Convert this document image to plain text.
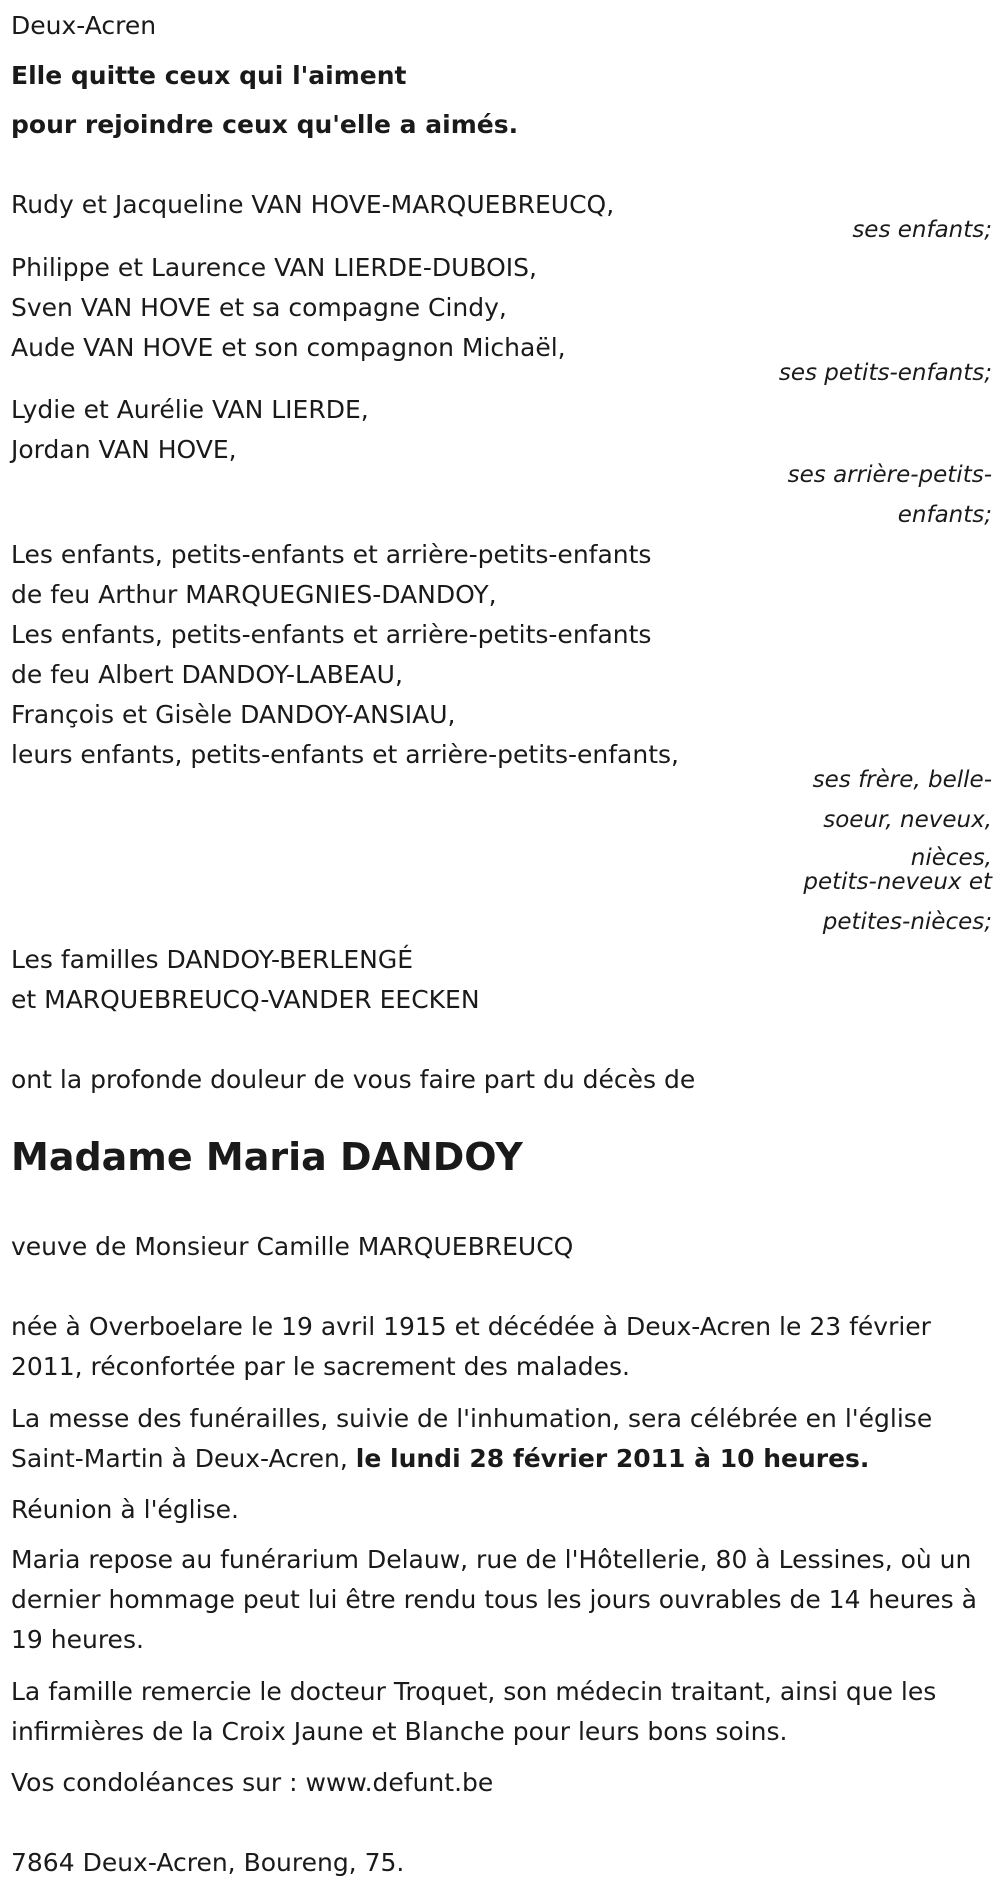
Deux-Acren

Elle quitte ceux qui l'aiment

pour rejoindre ceux qu'elle a aimés.

Rudy et Jacqueline VAN HOVE-MARQUEBREUCQ,

ses enfants;

Philippe et Laurence VAN LIERDE-DUBOIS,

Sven VAN HOVE et sa compagne Cindy,

Aude VAN HOVE et son compagnon Michaël,

ses petits-enfants;

Lydie et Aurélie VAN LIERDE,

Jordan VAN HOVE,

ses arrière-petits-
enfants;

Les enfants, petits-enfants et arrière-petits-enfants

de feu Arthur MARQUEGNIES-DANDOY,

Les enfants, petits-enfants et arrière-petits-enfants

de feu Albert DANDOY-LABEAU,

François et Gisèle DANDOY-ANSIAU,

leurs enfants, petits-enfants et arrière-petits-enfants,

ses frère, belle-
soeur, neveux,
nièces,
petits-neveux et
petites-nièces;

Les familles DANDOY-BERLENGÉ

et MARQUEBREUCQ-VANDER EECKEN

ont la profonde douleur de vous faire part du décès de

Madame Maria DANDOY

veuve de Monsieur Camille MARQUEBREUCQ

née à Overboelare le 19 avril 1915 et décédée à Deux-Acren le 23 février 2011, réconfortée par le sacrement des malades.

La messe des funérailles, suivie de l'inhumation, sera célébrée en l'église Saint-Martin à Deux-Acren, le lundi 28 février 2011 à 10 heures.

Réunion à l'église.

Maria repose au funérarium Delauw, rue de l'Hôtellerie, 80 à Lessines, où un dernier hommage peut lui être rendu tous les jours ouvrables de 14 heures à 19 heures.

La famille remercie le docteur Troquet, son médecin traitant, ainsi que les infirmières de la Croix Jaune et Blanche pour leurs bons soins.

Vos condoléances sur : www.defunt.be

7864 Deux-Acren, Boureng, 75.
